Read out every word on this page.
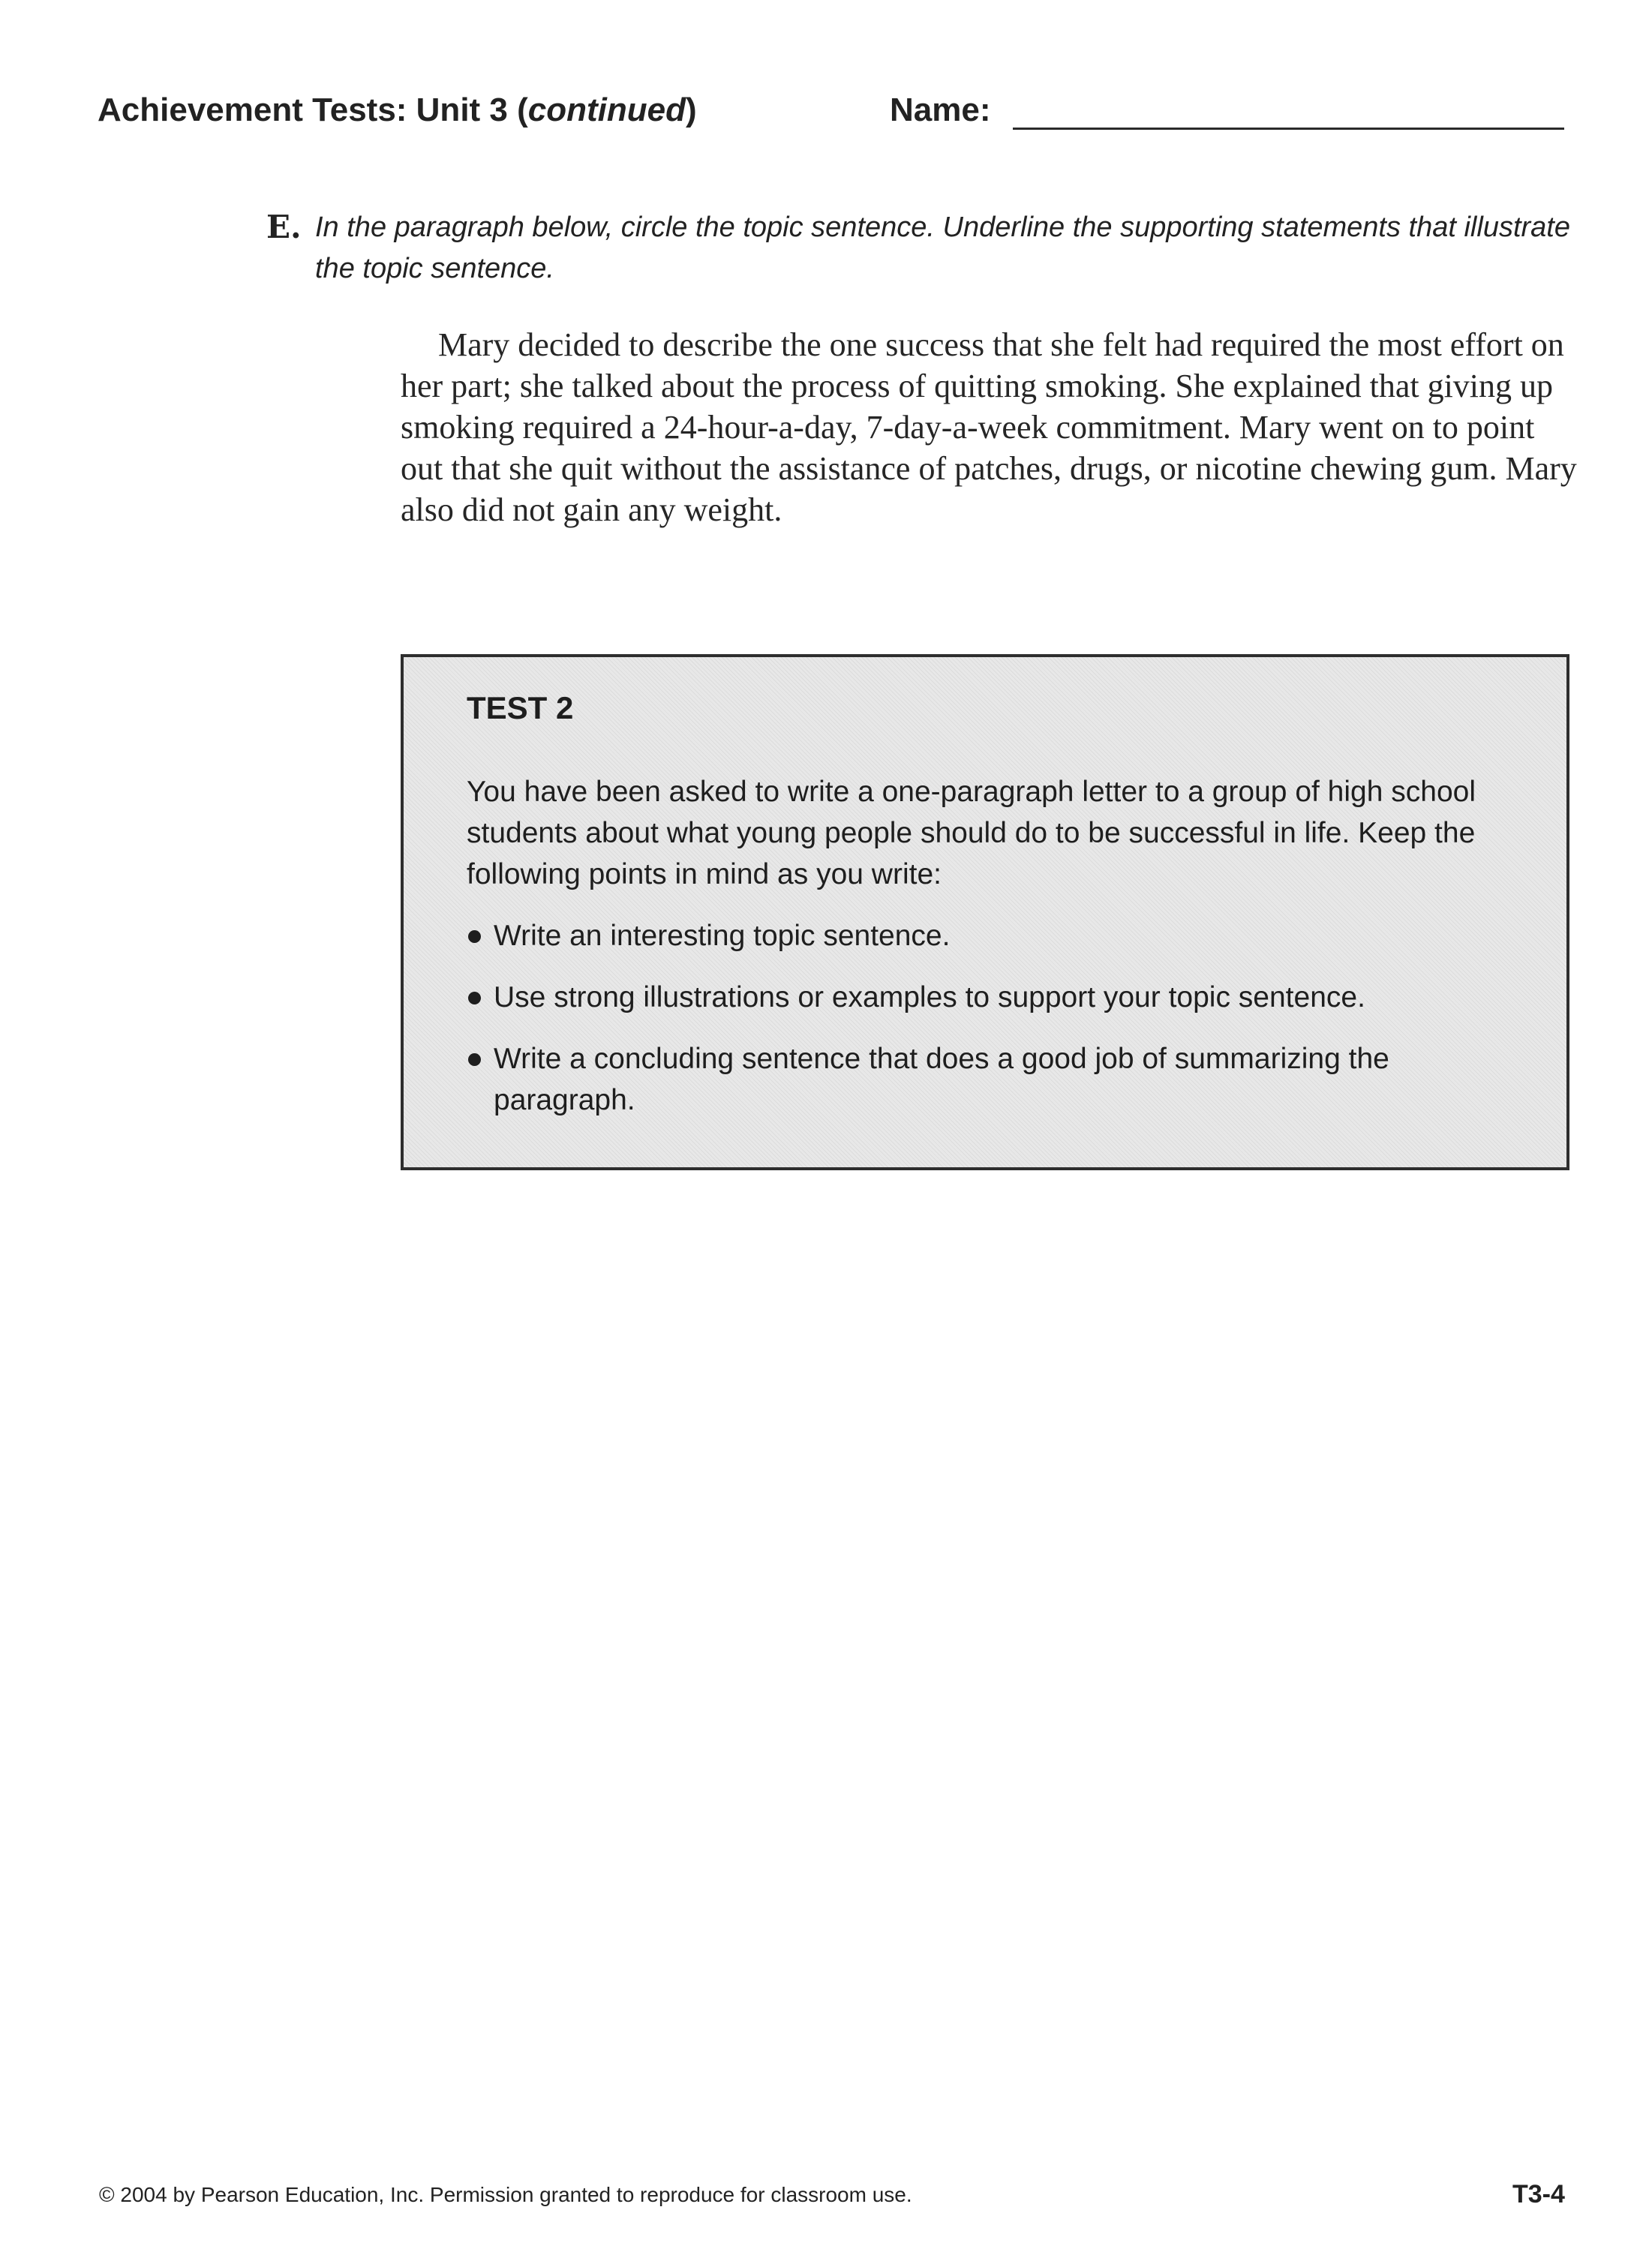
Achievement Tests: Unit 3 (continued)	Name:
E. In the paragraph below, circle the topic sentence. Underline the supporting statements that illustrate the topic sentence.
Mary decided to describe the one success that she felt had required the most effort on her part; she talked about the process of quitting smoking. She explained that giving up smoking required a 24-hour-a-day, 7-day-a-week commitment. Mary went on to point out that she quit without the assistance of patches, drugs, or nicotine chewing gum. Mary also did not gain any weight.
TEST 2
You have been asked to write a one-paragraph letter to a group of high school students about what young people should do to be successful in life. Keep the following points in mind as you write:
Write an interesting topic sentence.
Use strong illustrations or examples to support your topic sentence.
Write a concluding sentence that does a good job of summarizing the paragraph.
© 2004 by Pearson Education, Inc. Permission granted to reproduce for classroom use.	T3-4
